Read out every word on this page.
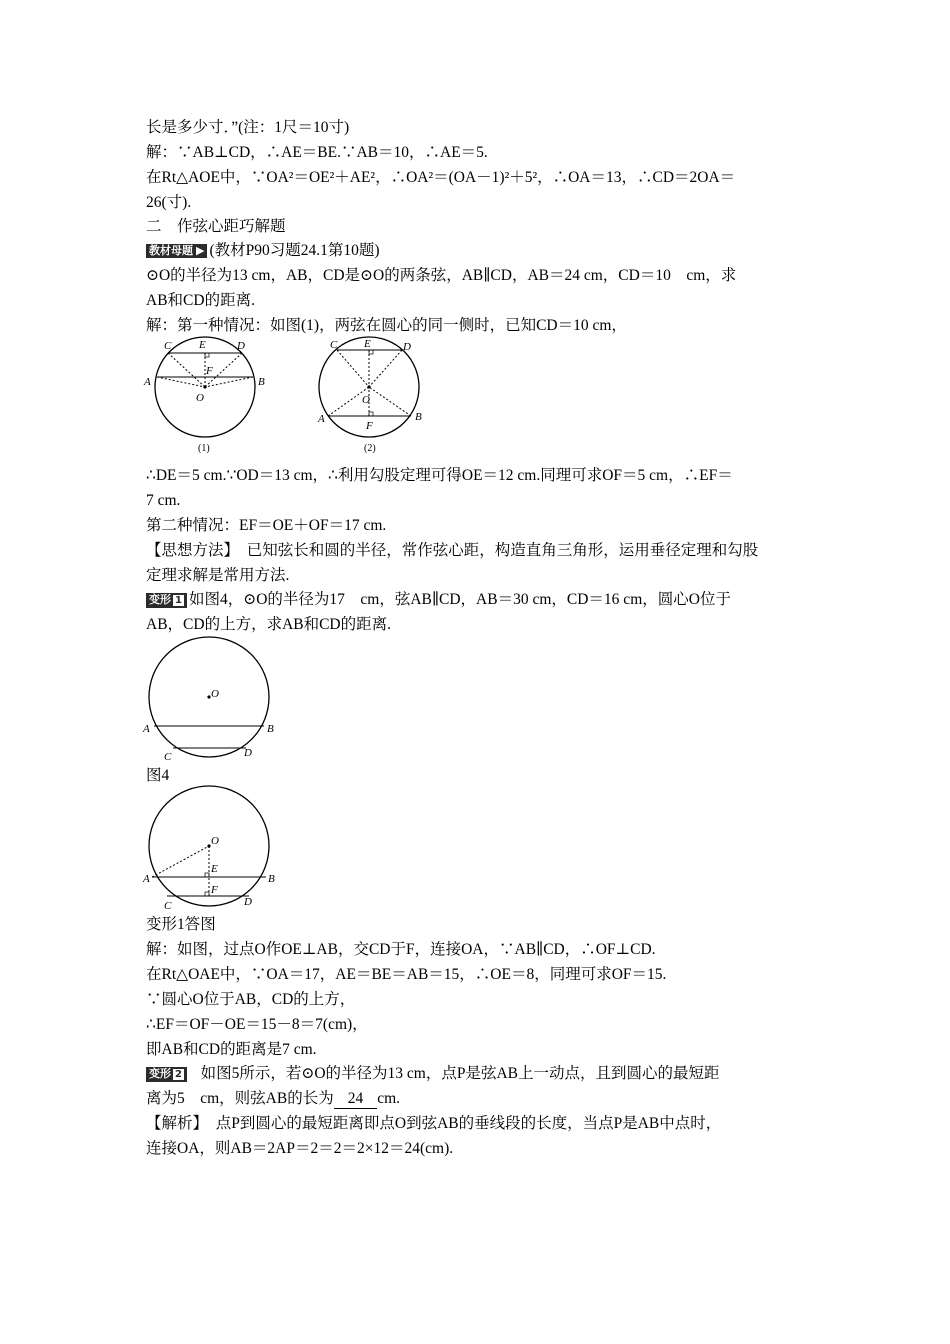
长是多少寸．”(注：1尺＝10寸)
解：∵AB⊥CD，∴AE＝BE.∵AB＝10，∴AE＝5.
在Rt△AOE中，∵OA²＝OE²＋AE²，∴OA²＝(OA－1)²＋5²，∴OA＝13，∴CD＝2OA＝
26(寸).
二　作弦心距巧解题
教材母题 ▶ (教材P90习题24.1第10题)
⊙O的半径为13 cm，AB，CD是⊙O的两条弦，AB∥CD，AB＝24 cm，CD＝10　cm，求
AB和CD的距离.
解：第一种情况：如图(1)，两弦在圆心的同一侧时，已知CD＝10 cm，
C	E	D
F
A	B
O
(1)
C E	D
O
A	B
F
(2)
∴DE＝5 cm.∵OD＝13 cm，∴利用勾股定理可得OE＝12 cm.同理可求OF＝5 cm，∴EF＝
7 cm.
第二种情况：EF＝OE＋OF＝17 cm.
【思想方法】　已知弦长和圆的半径，常作弦心距，构造直角三角形，运用垂径定理和勾股
定理求解是常用方法.
变形 1 如图4，⊙O的半径为17　cm，弦AB∥CD，AB＝30 cm，CD＝16 cm，圆心O位于
AB，CD的上方，求AB和CD的距离.
O
A	B
C	D
图4
O
E
A	B
F
C	D
变形1答图
解：如图，过点O作OE⊥AB，交CD于F，连接OA，∵AB∥CD，∴OF⊥CD.
在Rt△OAE中，∵OA＝17，AE＝BE＝AB＝15，∴OE＝8，同理可求OF＝15.
∵圆心O位于AB，CD的上方，
∴EF＝OF－OE＝15－8＝7(cm)，
即AB和CD的距离是7 cm.
变形 2 如图5所示，若⊙O的半径为13 cm，点P是弦AB上一动点，且到圆心的最短距
离为5　cm，则弦AB的长为 24 cm.
【解析】　点P到圆心的最短距离即点O到弦AB的垂线段的长度，当点P是AB中点时，
连接OA，则AB＝2AP＝2＝2＝2×12＝24(cm).
